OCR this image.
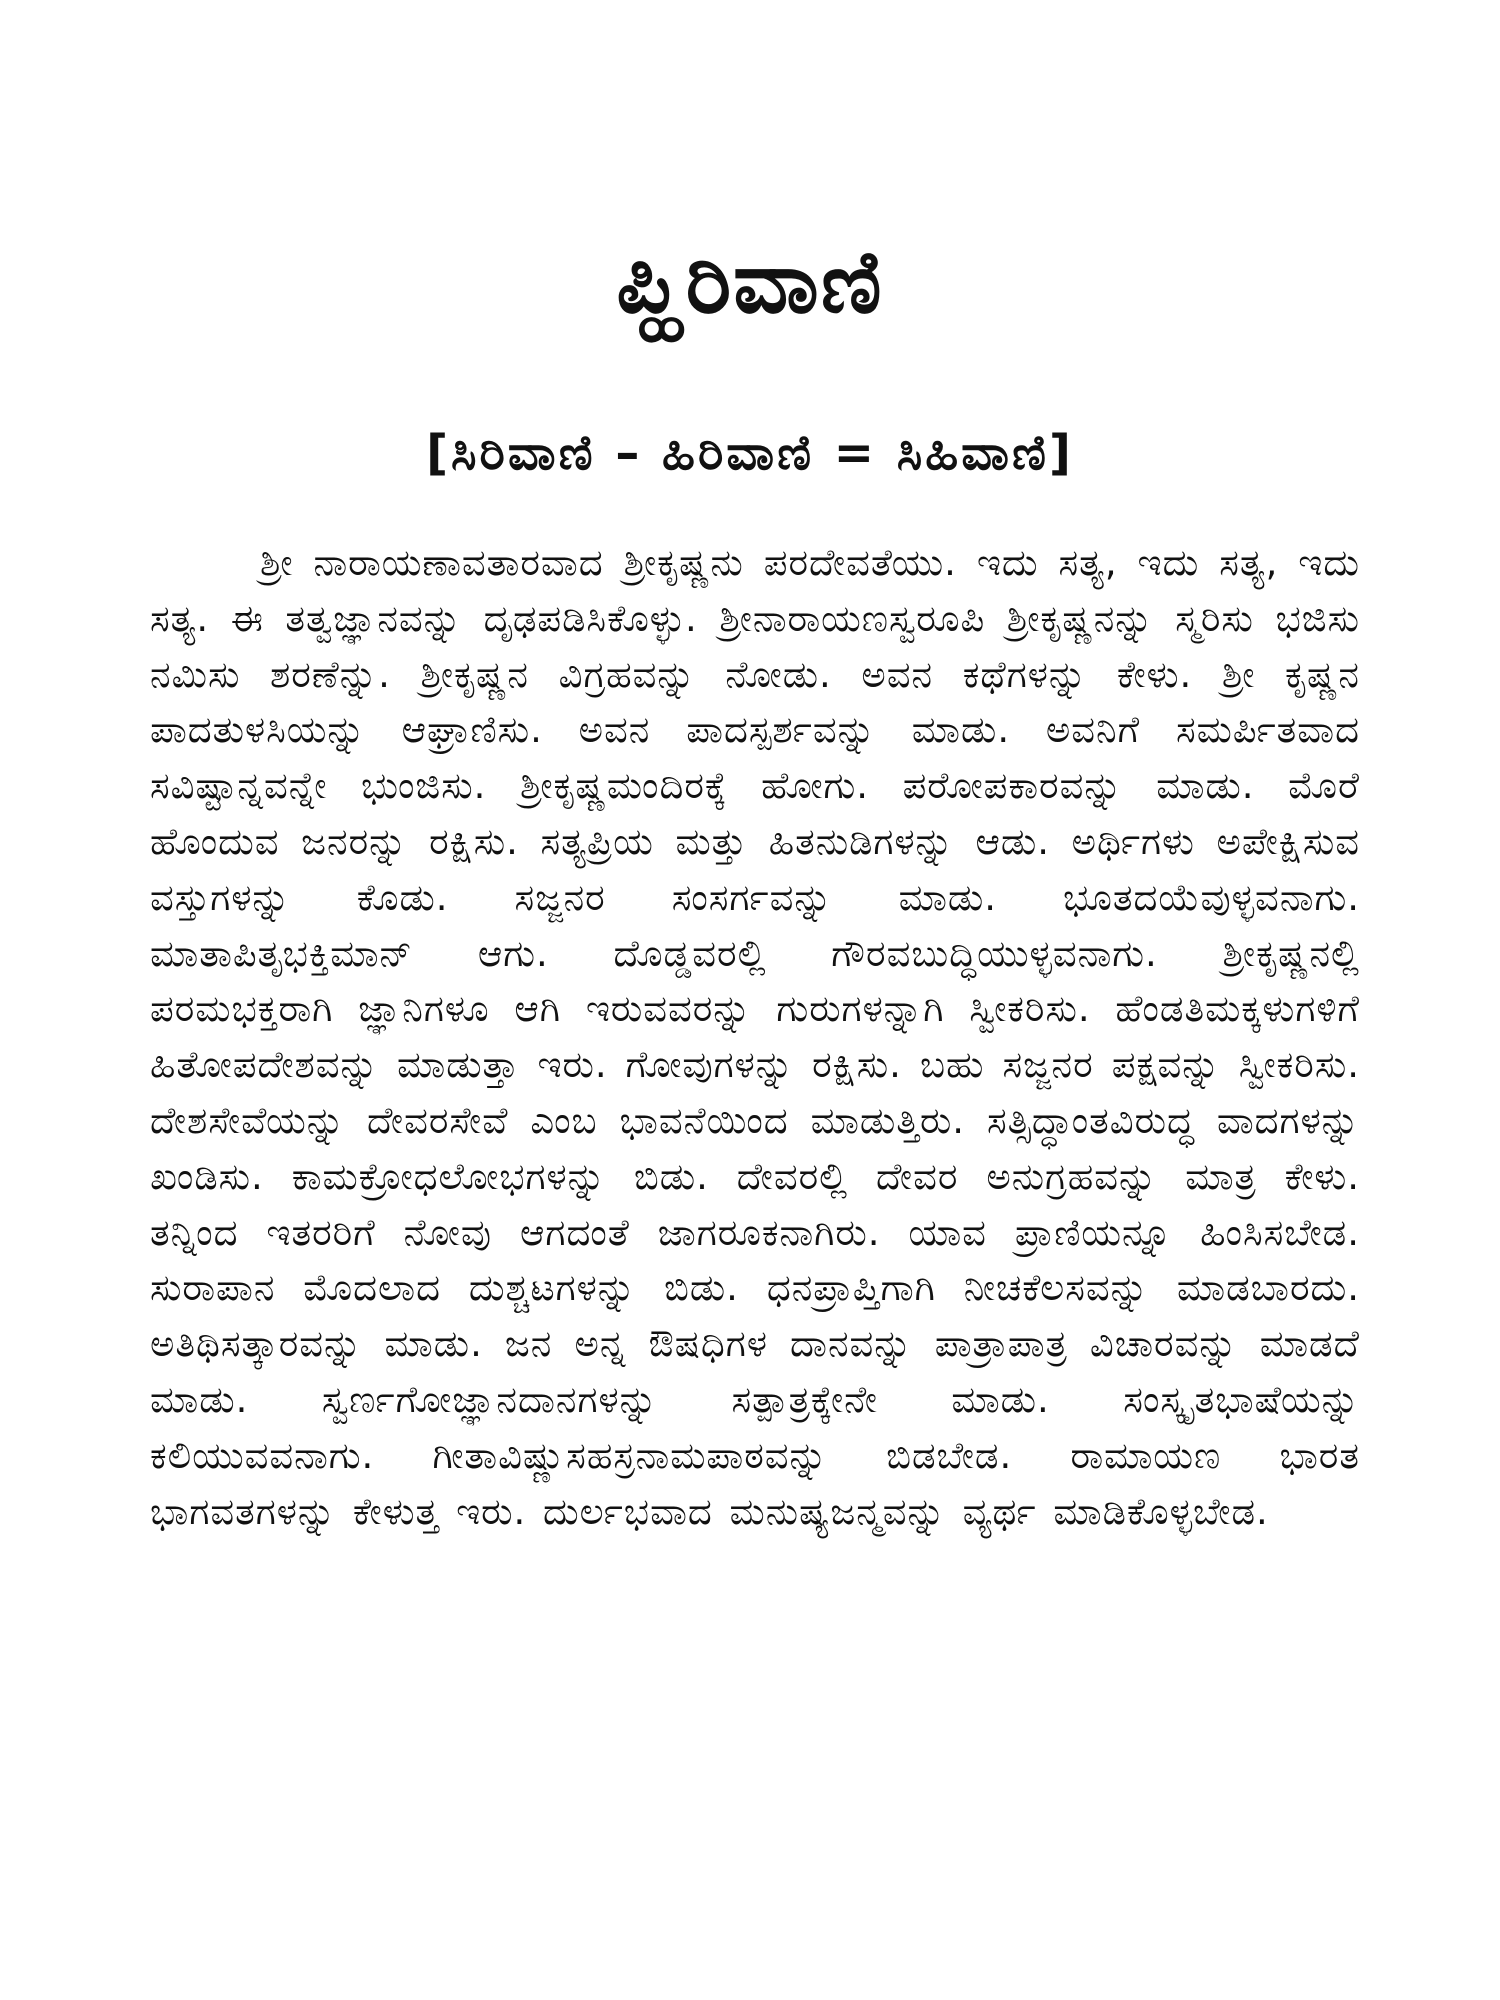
ಪ್ಹಿರಿವಾಣಿ
[ಸಿರಿವಾಣಿ – ಹಿರಿವಾಣಿ = ಸಿಹಿವಾಣಿ]

ಶ್ರೀ ನಾರಾಯಣಾವತಾರವಾದ ಶ್ರೀಕೃಷ್ಣನು ಪರದೇವತೆಯು. ಇದು ಸತ್ಯ, ಇದು ಸತ್ಯ, ಇದು ಸತ್ಯ. ಈ ತತ್ವಜ್ಞಾನವನ್ನು ದೃಢಪಡಿಸಿಕೊಳ್ಳು. ಶ್ರೀನಾರಾಯಣಸ್ವರೂಪಿ ಶ್ರೀಕೃಷ್ಣನನ್ನು ಸ್ಮರಿಸು ಭಜಿಸು ನಮಿಸು ಶರಣೆನ್ನು. ಶ್ರೀಕೃಷ್ಣನ ವಿಗ್ರಹವನ್ನು ನೋಡು. ಅವನ ಕಥೆಗಳನ್ನು ಕೇಳು. ಶ್ರೀ ಕೃಷ್ಣನ ಪಾದತುಳಸಿಯನ್ನು ಆಘ್ರಾಣಿಸು. ಅವನ ಪಾದಸ್ಪರ್ಶವನ್ನು ಮಾಡು. ಅವನಿಗೆ ಸಮರ್ಪಿತವಾದ ಸವಿಷ್ಟಾನ್ನವನ್ನೇ ಭುಂಜಿಸು. ಶ್ರೀಕೃಷ್ಣಮಂದಿರಕ್ಕೆ ಹೋಗು. ಪರೋಪಕಾರವನ್ನು ಮಾಡು. ಮೊರೆ ಹೊಂದುವ ಜನರನ್ನು ರಕ್ಷಿಸು. ಸತ್ಯಪ್ರಿಯ ಮತ್ತು ಹಿತನುಡಿಗಳನ್ನು ಆಡು. ಅರ್ಥಿಗಳು ಅಪೇಕ್ಷಿಸುವ ವಸ್ತುಗಳನ್ನು ಕೊಡು. ಸಜ್ಜನರ ಸಂಸರ್ಗವನ್ನು ಮಾಡು. ಭೂತದಯೆವುಳ್ಳವನಾಗು. ಮಾತಾಪಿತೃಭಕ್ತಿಮಾನ್ ಆಗು. ದೊಡ್ಡವರಲ್ಲಿ ಗೌರವಬುದ್ಧಿಯುಳ್ಳವನಾಗು. ಶ್ರೀಕೃಷ್ಣನಲ್ಲಿ ಪರಮಭಕ್ತರಾಗಿ ಜ್ಞಾನಿಗಳೂ ಆಗಿ ಇರುವವರನ್ನು ಗುರುಗಳನ್ನಾಗಿ ಸ್ವೀಕರಿಸು. ಹೆಂಡತಿಮಕ್ಕಳುಗಳಿಗೆ ಹಿತೋಪದೇಶವನ್ನು ಮಾಡುತ್ತಾ ಇರು. ಗೋವುಗಳನ್ನು ರಕ್ಷಿಸು. ಬಹು ಸಜ್ಜನರ ಪಕ್ಷವನ್ನು ಸ್ವೀಕರಿಸು. ದೇಶಸೇವೆಯನ್ನು ದೇವರಸೇವೆ ಎಂಬ ಭಾವನೆಯಿಂದ ಮಾಡುತ್ತಿರು. ಸತ್ಸಿದ್ಧಾಂತವಿರುದ್ಧ ವಾದಗಳನ್ನು ಖಂಡಿಸು. ಕಾಮಕ್ರೋಧಲೋಭಗಳನ್ನು ಬಿಡು. ದೇವರಲ್ಲಿ ದೇವರ ಅನುಗ್ರಹವನ್ನು ಮಾತ್ರ ಕೇಳು. ತನ್ನಿಂದ ಇತರರಿಗೆ ನೋವು ಆಗದಂತೆ ಜಾಗರೂಕನಾಗಿರು. ಯಾವ ಪ್ರಾಣಿಯನ್ನೂ ಹಿಂಸಿಸಬೇಡ. ಸುರಾಪಾನ ಮೊದಲಾದ ದುಶ್ಚಟಗಳನ್ನು ಬಿಡು. ಧನಪ್ರಾಪ್ತಿಗಾಗಿ ನೀಚಕೆಲಸವನ್ನು ಮಾಡಬಾರದು. ಅತಿಥಿಸತ್ಕಾರವನ್ನು ಮಾಡು. ಜನ ಅನ್ನ ಔಷಧಿಗಳ ದಾನವನ್ನು ಪಾತ್ರಾಪಾತ್ರ ವಿಚಾರವನ್ನು ಮಾಡದೆ ಮಾಡು. ಸ್ವರ್ಣಗೋಜ್ಞಾನದಾನಗಳನ್ನು ಸತ್ಪಾತ್ರಕ್ಕೇನೇ ಮಾಡು. ಸಂಸ್ಕೃತಭಾಷೆಯನ್ನು ಕಲಿಯುವವನಾಗು. ಗೀತಾವಿಷ್ಣುಸಹಸ್ರನಾಮಪಾಠವನ್ನು ಬಿಡಬೇಡ. ರಾಮಾಯಣ ಭಾರತ ಭಾಗವತಗಳನ್ನು ಕೇಳುತ್ತ ಇರು. ದುರ್ಲಭವಾದ ಮನುಷ್ಯಜನ್ಮವನ್ನು ವ್ಯರ್ಥ ಮಾಡಿಕೊಳ್ಳಬೇಡ.
